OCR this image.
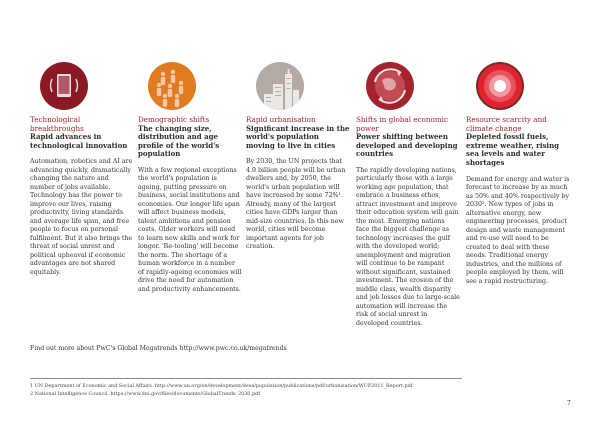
Technological breakthroughs
Rapid advances in technological innovation
Automation, robotics and AI are advancing quickly, dramatically changing the nature and number of jobs available. Technology has the power to improve our lives, raising productivity, living standards and average life span, and free people to focus on personal fulfilment. But it also brings the threat of social unrest and political upheaval if economic advantages are not shared equitably.
Demographic shifts
The changing size, distribution and age profile of the world's population
With a few regional exceptions the world's population is ageing, putting pressure on business, social institutions and economies. Our longer life span will affect business models, talent ambitions and pension costs. Older workers will need to learn new skills and work for longer. 'Re-tooling' will become the norm. The shortage of a human workforce in a number of rapidly-ageing economies will drive the need for automation and productivity enhancements.
Rapid urbanisation
Significant increase in the world's population moving to live in cities
By 2030, the UN projects that 4.9 billion people will be urban dwellers and, by 2050, the world's urban population will have increased by some 72%¹. Already, many of the largest cities have GDPs larger than mid-size countries. In this new world, cities will become important agents for job creation.
Shifts in global economic power
Power shifting between developed and developing countries
The rapidly developing nations, particularly those with a large working age population, that embrace a business ethos, attract investment and improve their education system will gain the most. Emerging nations face the biggest challenge as technology increases the gulf with the developed world; unemployment and migration will continue to be rampant without significant, sustained investment. The erosion of the middle class, wealth disparity and job losses due to large-scale automation will increase the risk of social unrest in developed countries.
Resource scarcity and climate change
Depleted fossil fuels, extreme weather, rising sea levels and water shortages
Demand for energy and water is forecast to increase by as much as 50% and 40% respectively by 2030². New types of jobs in alternative energy, new engineering processes, product design and waste management and re-use will need to be created to deal with these needs. Traditional energy industries, and the millions of people employed by them, will see a rapid restructuring.
Find out more about PwC's Global Megatrends http://www.pwc.co.uk/megatrends
1 UN Department of Economic and Social Affairs. http://www.un.org/en/development/desa/population/publications/pdf/urbanization/WUP2011_Report.pdf
2 National Intelligence Council. https://www.dni.gov/files/documents/GlobalTrends_2030.pdf
7
